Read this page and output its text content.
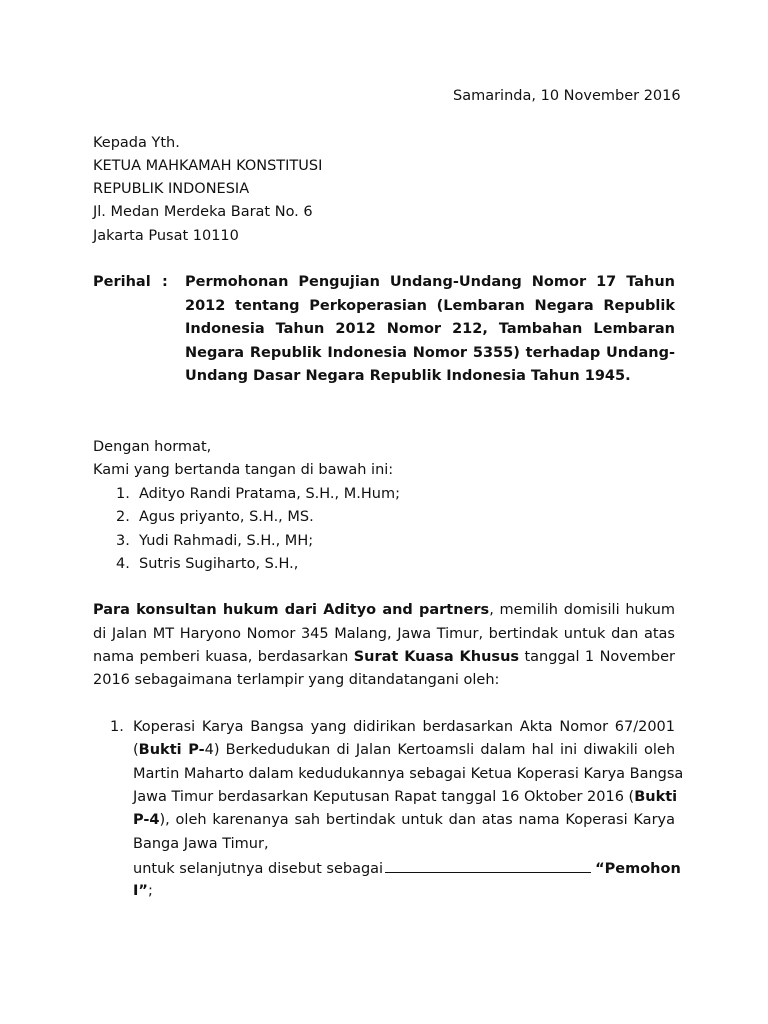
Samarinda, 10 November 2016
Kepada Yth.
KETUA MAHKAMAH KONSTITUSI
REPUBLIK INDONESIA
Jl. Medan Merdeka Barat No. 6
Jakarta Pusat 10110
Perihal : Permohonan Pengujian Undang-Undang Nomor 17 Tahun
2012 tentang Perkoperasian (Lembaran Negara Republik
Indonesia Tahun 2012 Nomor 212, Tambahan Lembaran
Negara Republik Indonesia Nomor 5355) terhadap Undang-
Undang Dasar Negara Republik Indonesia Tahun 1945.
Dengan hormat,
Kami yang bertanda tangan di bawah ini:
1. Adityo Randi Pratama, S.H., M.Hum;
2. Agus priyanto, S.H., MS.
3. Yudi Rahmadi, S.H., MH;
4. Sutris Sugiharto, S.H.,
Para konsultan hukum dari Adityo and partners, memilih domisili hukum
di Jalan MT Haryono Nomor 345 Malang, Jawa Timur, bertindak untuk dan atas
nama pemberi kuasa, berdasarkan Surat Kuasa Khusus tanggal 1 November
2016 sebagaimana terlampir yang ditandatangani oleh:
1. Koperasi Karya Bangsa yang didirikan berdasarkan Akta Nomor 67/2001
(Bukti P-4) Berkedudukan di Jalan Kertoamsli dalam hal ini diwakili oleh
Martin Maharto dalam kedudukannya sebagai Ketua Koperasi Karya Bangsa
Jawa Timur berdasarkan Keputusan Rapat tanggal 16 Oktober 2016 (Bukti
P-4), oleh karenanya sah bertindak untuk dan atas nama Koperasi Karya
Banga Jawa Timur,
untuk selanjutnya disebut sebagai	“Pemohon
I”;
